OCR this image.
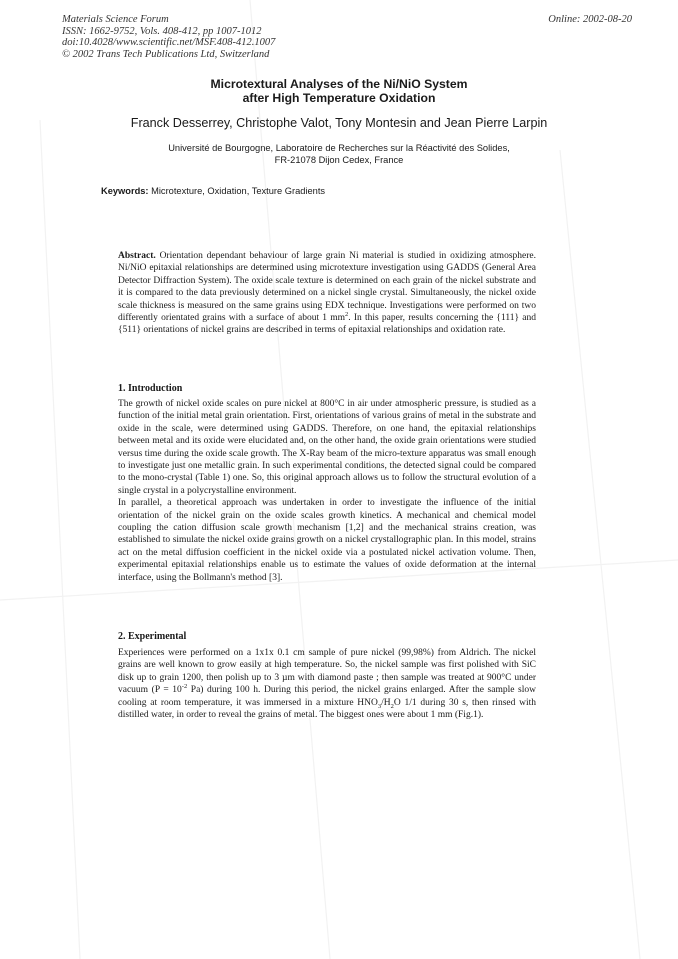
Materials Science Forum
ISSN: 1662-9752, Vols. 408-412, pp 1007-1012
doi:10.4028/www.scientific.net/MSF.408-412.1007
© 2002 Trans Tech Publications Ltd, Switzerland
Online: 2002-08-20
Microtextural Analyses of the Ni/NiO System
after High Temperature Oxidation
Franck Desserrey, Christophe Valot, Tony Montesin and Jean Pierre Larpin
Université de Bourgogne, Laboratoire de Recherches sur la Réactivité des Solides,
FR-21078 Dijon Cedex, France
Keywords: Microtexture, Oxidation, Texture Gradients
Abstract. Orientation dependant behaviour of large grain Ni material is studied in oxidizing atmosphere. Ni/NiO epitaxial relationships are determined using microtexture investigation using GADDS (General Area Detector Diffraction System). The oxide scale texture is determined on each grain of the nickel substrate and it is compared to the data previously determined on a nickel single crystal. Simultaneously, the nickel oxide scale thickness is measured on the same grains using EDX technique. Investigations were performed on two differently orientated grains with a surface of about 1 $mm^2$. In this paper, results concerning the {111} and {511} orientations of nickel grains are described in terms of epitaxial relationships and oxidation rate.
1. Introduction

The growth of nickel oxide scales on pure nickel at 800°C in air under atmospheric pressure, is studied as a function of the initial metal grain orientation. First, orientations of various grains of metal in the substrate and oxide in the scale, were determined using GADDS. Therefore, on one hand, the epitaxial relationships between metal and its oxide were elucidated and, on the other hand, the oxide grain orientations were studied versus time during the oxide scale growth. The X-Ray beam of the micro-texture apparatus was small enough to investigate just one metallic grain. In such experimental conditions, the detected signal could be compared to the mono-crystal (Table 1) one. So, this original approach allows us to follow the structural evolution of a single crystal in a polycrystalline environment.

In parallel, a theoretical approach was undertaken in order to investigate the influence of the initial orientation of the nickel grain on the oxide scales growth kinetics. A mechanical and chemical model coupling the cation diffusion scale growth mechanism [1,2] and the mechanical strains creation, was established to simulate the nickel oxide grains growth on a nickel crystallographic plan. In this model, strains act on the metal diffusion coefficient in the nickel oxide via a postulated nickel activation volume. Then, experimental epitaxial relationships enable us to estimate the values of oxide deformation at the internal interface, using the Bollmann's method [3].

2. Experimental
Experiences were performed on a 1x1x 0.1 cm sample of pure nickel (99,98%) from Aldrich. The nickel grains are well known to grow easily at high temperature. So, the nickel sample was first polished with SiC disk up to grain 1200, then polish up to 3 µm with diamond paste ; then sample was treated at 900°C under vacuum ($P = 10^{-2}$ Pa) during 100 h. During this period, the nickel grains enlarged. After the sample slow cooling at room temperature, it was immersed in a mixture $HNO_3/H_2O$ 1/1 during 30 s, then rinsed with distilled water, in order to reveal the grains of metal. The biggest ones were about 1 mm (Fig.1).
